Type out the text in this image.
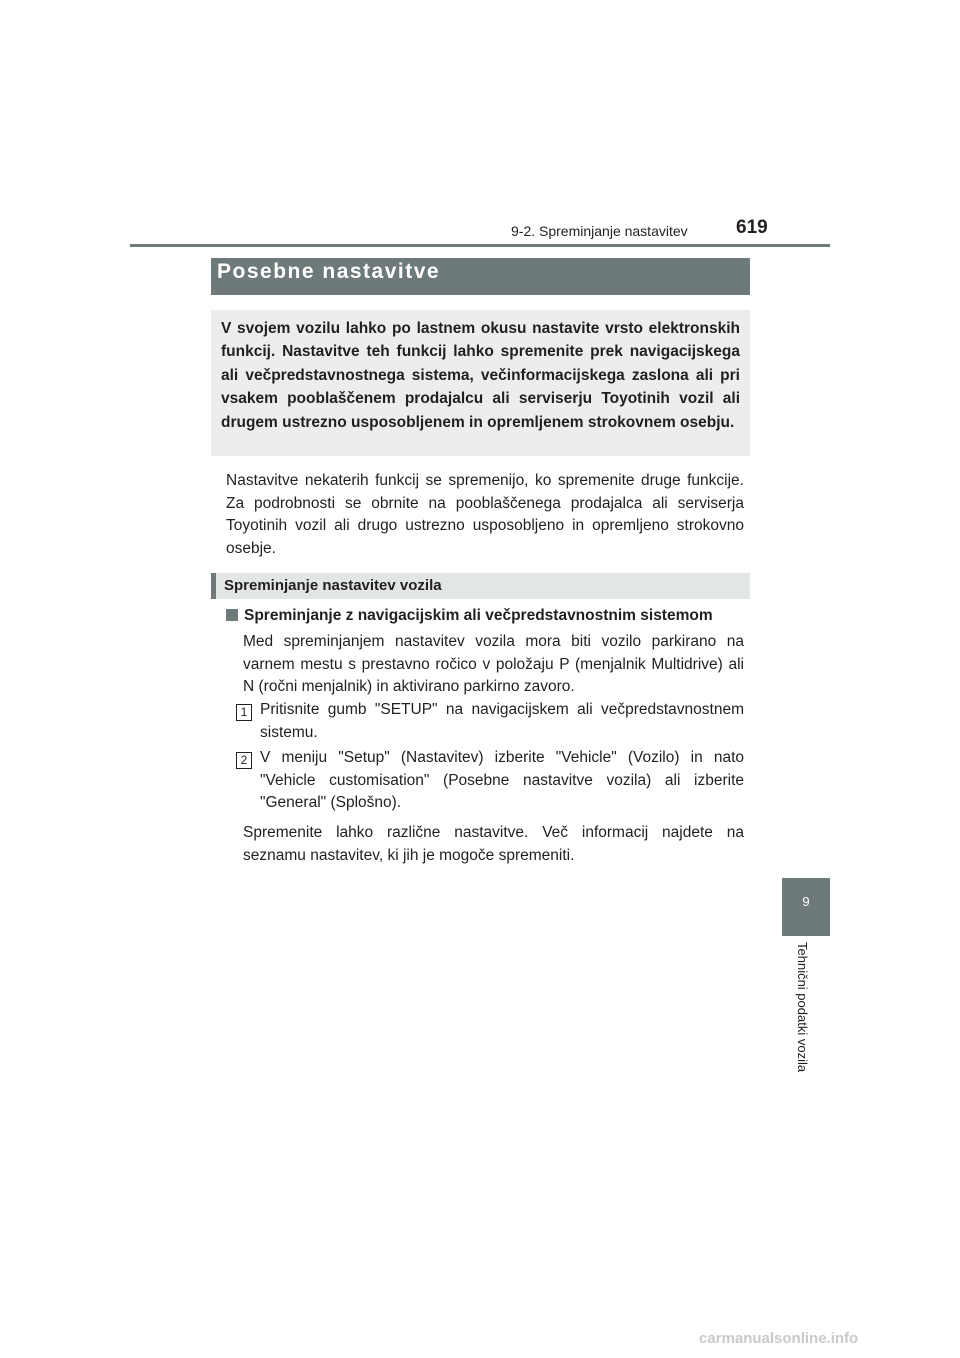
9-2. Spreminjanje nastavitev	619
9
Tehnični podatki vozila
Posebne nastavitve
V svojem vozilu lahko po lastnem okusu nastavite vrsto elektronskih funkcij. Nastavitve teh funkcij lahko spremenite prek navigacijskega ali večpredstavnostnega sistema, večinformacijskega zaslona ali pri vsakem pooblaščenem prodajalcu ali serviserju Toyotinih vozil ali drugem ustrezno usposobljenem in opremljenem strokovnem osebju.
Nastavitve nekaterih funkcij se spremenijo, ko spremenite druge funkcije. Za podrobnosti se obrnite na pooblaščenega prodajalca ali serviserja Toyotinih vozil ali drugo ustrezno usposobljeno in opremljeno strokovno osebje.
Spreminjanje nastavitev vozila
Spreminjanje z navigacijskim ali večpredstavnostnim sistemom
Med spreminjanjem nastavitev vozila mora biti vozilo parkirano na varnem mestu s prestavno ročico v položaju P (menjalnik Multidrive) ali N (ročni menjalnik) in aktivirano parkirno zavoro.
1 Pritisnite gumb "SETUP" na navigacijskem ali večpredstavnostnem sistemu.
2 V meniju "Setup" (Nastavitev) izberite "Vehicle" (Vozilo) in nato "Vehicle customisation" (Posebne nastavitve vozila) ali izberite "General" (Splošno).
Spremenite lahko različne nastavitve. Več informacij najdete na seznamu nastavitev, ki jih je mogoče spremeniti.
carmanualsonline.info
